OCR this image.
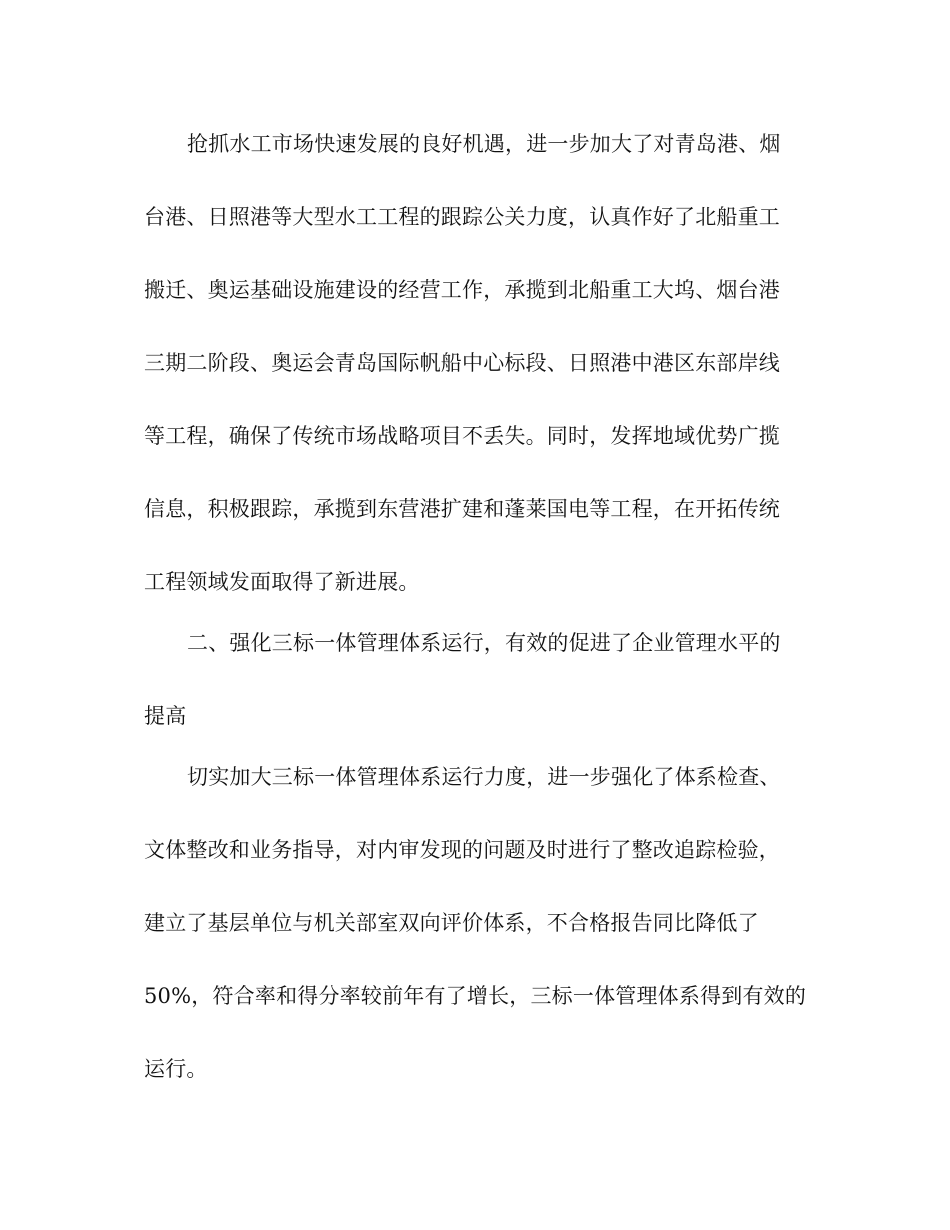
抢抓水工市场快速发展的良好机遇，进一步加大了对青岛港、烟
台港、日照港等大型水工工程的跟踪公关力度，认真作好了北船重工
搬迁、奥运基础设施建设的经营工作，承揽到北船重工大坞、烟台港
三期二阶段、奥运会青岛国际帆船中心标段、日照港中港区东部岸线
等工程，确保了传统市场战略项目不丢失。同时，发挥地域优势广揽
信息，积极跟踪，承揽到东营港扩建和蓬莱国电等工程，在开拓传统
工程领域发面取得了新进展。
二、强化三标一体管理体系运行，有效的促进了企业管理水平的
提高
切实加大三标一体管理体系运行力度，进一步强化了体系检查、
文体整改和业务指导，对内审发现的问题及时进行了整改追踪检验，
建立了基层单位与机关部室双向评价体系，不合格报告同比降低了
50%，符合率和得分率较前年有了增长，三标一体管理体系得到有效的
运行。
